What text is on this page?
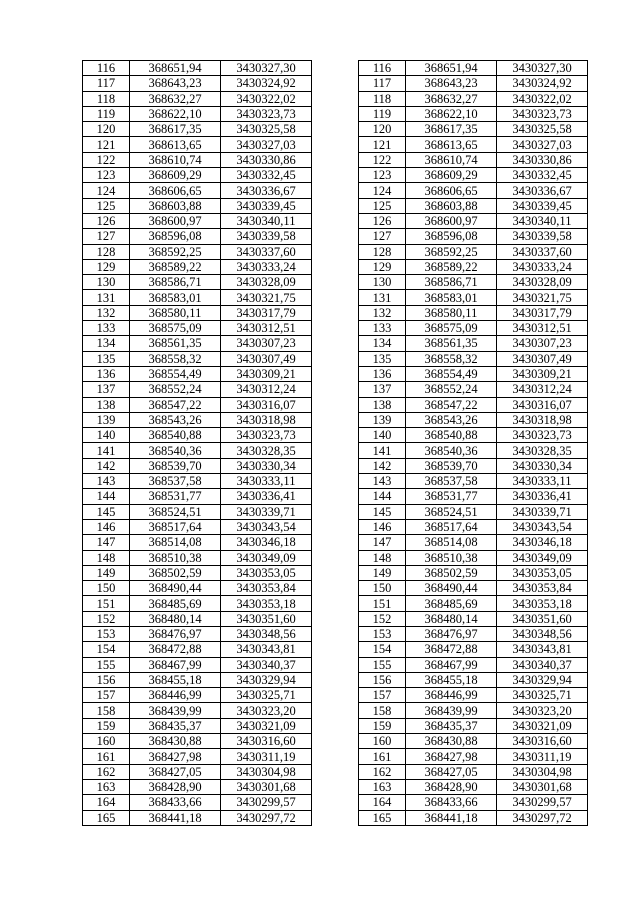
116	368651,94	3430327,30		116	368651,94	3430327,30
117	368643,23	3430324,92		117	368643,23	3430324,92
118	368632,27	3430322,02		118	368632,27	3430322,02
119	368622,10	3430323,73		119	368622,10	3430323,73
120	368617,35	3430325,58		120	368617,35	3430325,58
121	368613,65	3430327,03		121	368613,65	3430327,03
122	368610,74	3430330,86		122	368610,74	3430330,86
123	368609,29	3430332,45		123	368609,29	3430332,45
124	368606,65	3430336,67		124	368606,65	3430336,67
125	368603,88	3430339,45		125	368603,88	3430339,45
126	368600,97	3430340,11		126	368600,97	3430340,11
127	368596,08	3430339,58		127	368596,08	3430339,58
128	368592,25	3430337,60		128	368592,25	3430337,60
129	368589,22	3430333,24		129	368589,22	3430333,24
130	368586,71	3430328,09		130	368586,71	3430328,09
131	368583,01	3430321,75		131	368583,01	3430321,75
132	368580,11	3430317,79		132	368580,11	3430317,79
133	368575,09	3430312,51		133	368575,09	3430312,51
134	368561,35	3430307,23		134	368561,35	3430307,23
135	368558,32	3430307,49		135	368558,32	3430307,49
136	368554,49	3430309,21		136	368554,49	3430309,21
137	368552,24	3430312,24		137	368552,24	3430312,24
138	368547,22	3430316,07		138	368547,22	3430316,07
139	368543,26	3430318,98		139	368543,26	3430318,98
140	368540,88	3430323,73		140	368540,88	3430323,73
141	368540,36	3430328,35		141	368540,36	3430328,35
142	368539,70	3430330,34		142	368539,70	3430330,34
143	368537,58	3430333,11		143	368537,58	3430333,11
144	368531,77	3430336,41		144	368531,77	3430336,41
145	368524,51	3430339,71		145	368524,51	3430339,71
146	368517,64	3430343,54		146	368517,64	3430343,54
147	368514,08	3430346,18		147	368514,08	3430346,18
148	368510,38	3430349,09		148	368510,38	3430349,09
149	368502,59	3430353,05		149	368502,59	3430353,05
150	368490,44	3430353,84		150	368490,44	3430353,84
151	368485,69	3430353,18		151	368485,69	3430353,18
152	368480,14	3430351,60		152	368480,14	3430351,60
153	368476,97	3430348,56		153	368476,97	3430348,56
154	368472,88	3430343,81		154	368472,88	3430343,81
155	368467,99	3430340,37		155	368467,99	3430340,37
156	368455,18	3430329,94		156	368455,18	3430329,94
157	368446,99	3430325,71		157	368446,99	3430325,71
158	368439,99	3430323,20		158	368439,99	3430323,20
159	368435,37	3430321,09		159	368435,37	3430321,09
160	368430,88	3430316,60		160	368430,88	3430316,60
161	368427,98	3430311,19		161	368427,98	3430311,19
162	368427,05	3430304,98		162	368427,05	3430304,98
163	368428,90	3430301,68		163	368428,90	3430301,68
164	368433,66	3430299,57		164	368433,66	3430299,57
165	368441,18	3430297,72		165	368441,18	3430297,72
